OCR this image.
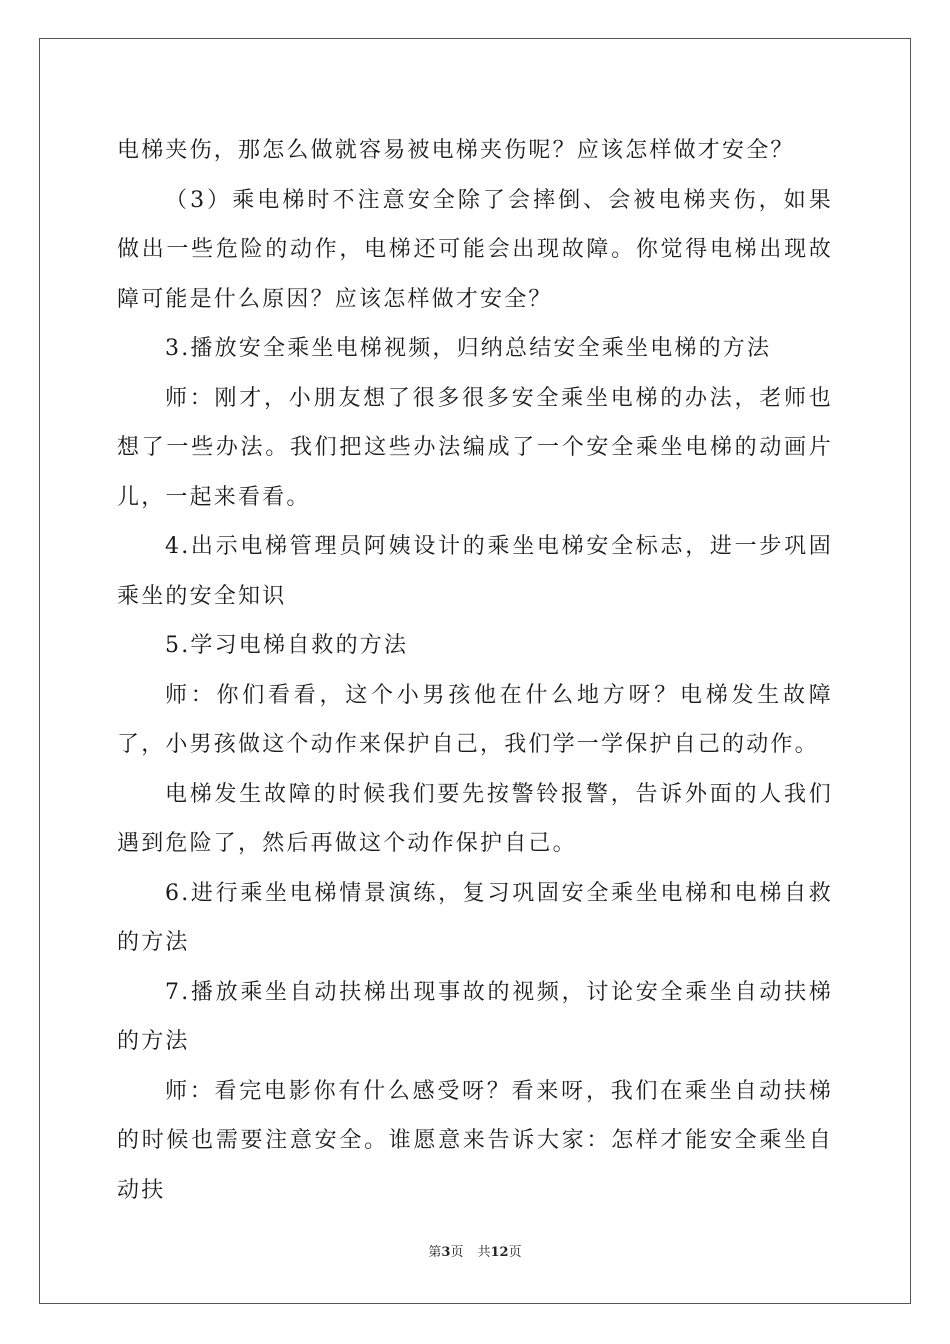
电梯夹伤，那怎么做就容易被电梯夹伤呢？应该怎样做才安全？

（3）乘电梯时不注意安全除了会摔倒、会被电梯夹伤，如果做出一些危险的动作，电梯还可能会出现故障。你觉得电梯出现故障可能是什么原因？应该怎样做才安全？

3.播放安全乘坐电梯视频，归纳总结安全乘坐电梯的方法

师：刚才，小朋友想了很多很多安全乘坐电梯的办法，老师也想了一些办法。我们把这些办法编成了一个安全乘坐电梯的动画片儿，一起来看看。

4.出示电梯管理员阿姨设计的乘坐电梯安全标志，进一步巩固乘坐的安全知识

5.学习电梯自救的方法

师：你们看看，这个小男孩他在什么地方呀？电梯发生故障了，小男孩做这个动作来保护自己，我们学一学保护自己的动作。

电梯发生故障的时候我们要先按警铃报警，告诉外面的人我们遇到危险了，然后再做这个动作保护自己。

6.进行乘坐电梯情景演练，复习巩固安全乘坐电梯和电梯自救的方法

7.播放乘坐自动扶梯出现事故的视频，讨论安全乘坐自动扶梯的方法

师：看完电影你有什么感受呀？看来呀，我们在乘坐自动扶梯的时候也需要注意安全。谁愿意来告诉大家：怎样才能安全乘坐自动扶

第3页 共12页
